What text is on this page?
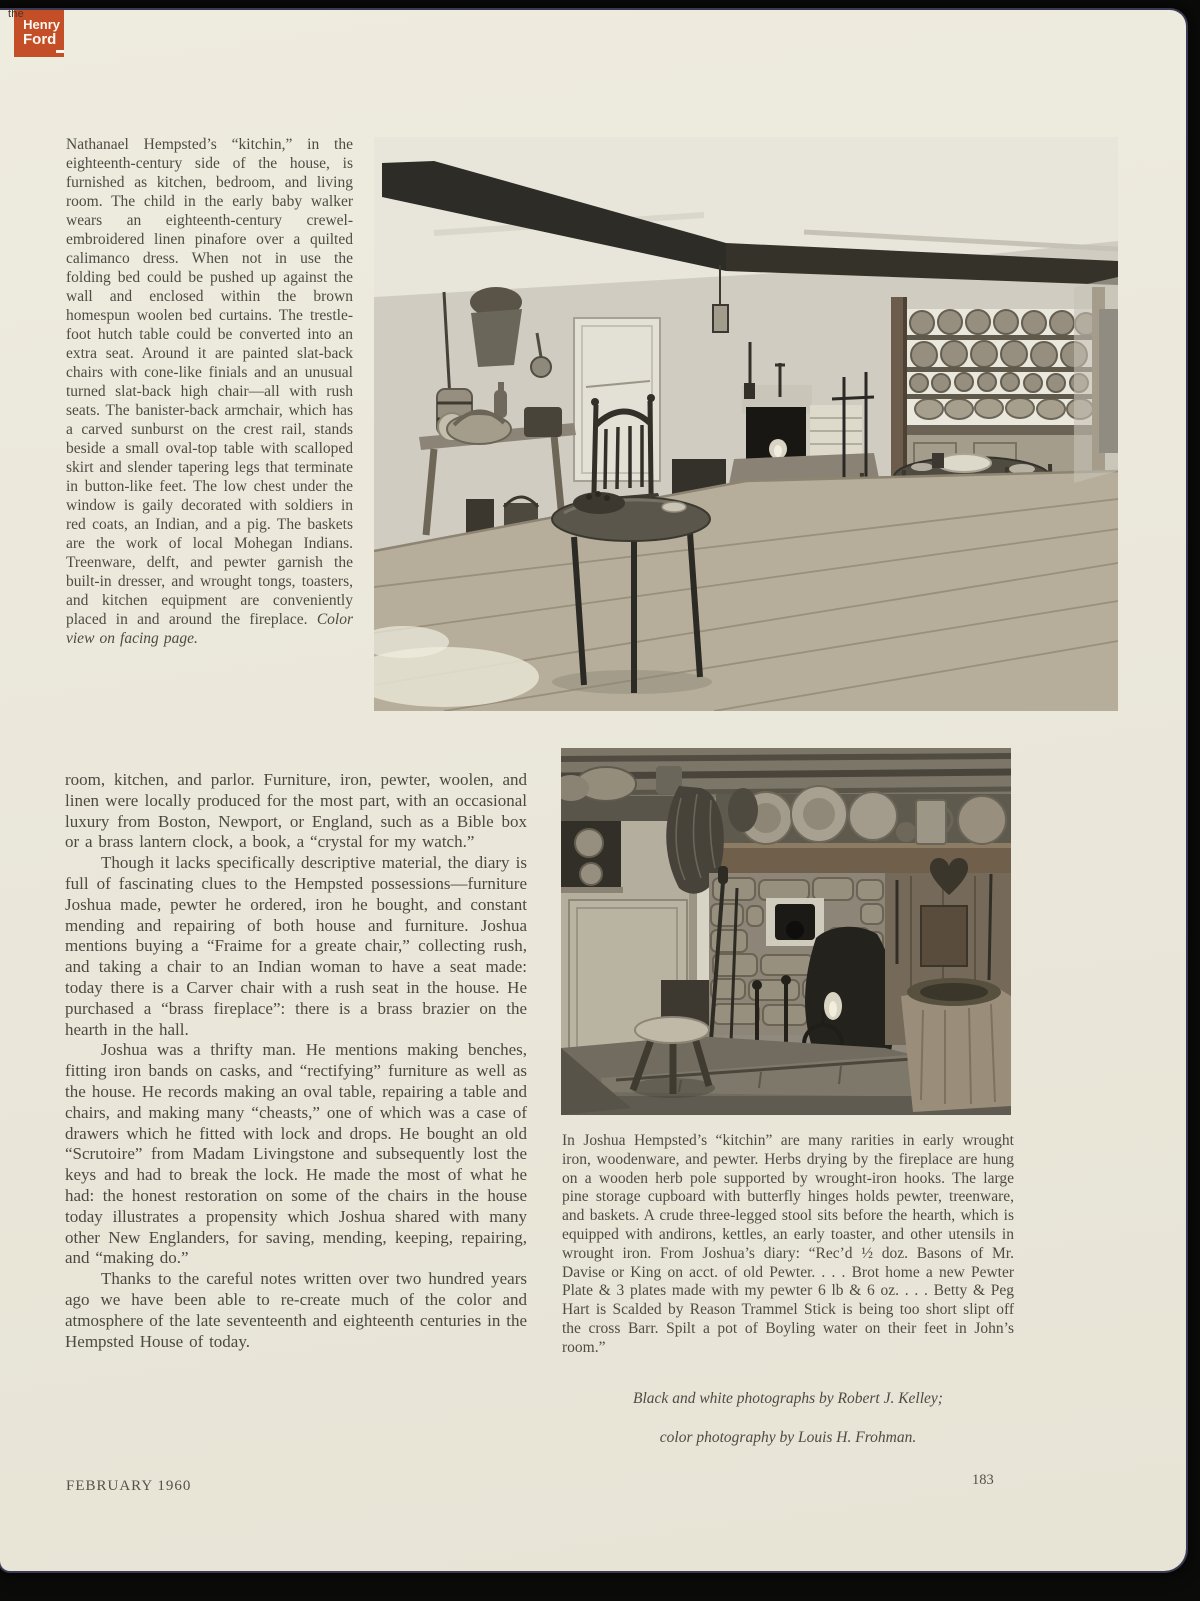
the
Henry
Ford
Nathanael Hempsted’s “kitchin,” in the eighteenth-century side of the house, is furnished as kitchen, bedroom, and living room. The child in the early baby walker wears an eighteenth-century crewel-embroidered linen pinafore over a quilted calimanco dress. When not in use the folding bed could be pushed up against the wall and enclosed within the brown homespun woolen bed curtains. The trestle-foot hutch table could be converted into an extra seat. Around it are painted slat-back chairs with cone-like finials and an unusual turned slat-back high chair—all with rush seats. The banister-back armchair, which has a carved sunburst on the crest rail, stands beside a small oval-top table with scalloped skirt and slender tapering legs that terminate in button-like feet. The low chest under the window is gaily decorated with soldiers in red coats, an Indian, and a pig. The baskets are the work of local Mohegan Indians. Treenware, delft, and pewter garnish the built-in dresser, and wrought tongs, toasters, and kitchen equipment are conveniently placed in and around the fireplace. Color view on facing page.

room, kitchen, and parlor. Furniture, iron, pewter, woolen, and linen were locally produced for the most part, with an occasional luxury from Boston, Newport, or England, such as a Bible box or a brass lantern clock, a book, a “crystal for my watch.”

Though it lacks specifically descriptive material, the diary is full of fascinating clues to the Hempsted possessions—furniture Joshua made, pewter he ordered, iron he bought, and constant mending and repairing of both house and furniture. Joshua mentions buying a “Fraime for a greate chair,” collecting rush, and taking a chair to an Indian woman to have a seat made: today there is a Carver chair with a rush seat in the house. He purchased a “brass fireplace”: there is a brass brazier on the hearth in the hall.

Joshua was a thrifty man. He mentions making benches, fitting iron bands on casks, and “rectifying” furniture as well as the house. He records making an oval table, repairing a table and chairs, and making many “cheasts,” one of which was a case of drawers which he fitted with lock and drops. He bought an old “Scrutoire” from Madam Livingstone and subsequently lost the keys and had to break the lock. He made the most of what he had: the honest restoration on some of the chairs in the house today illustrates a propensity which Joshua shared with many other New Englanders, for saving, mending, keeping, repairing, and “making do.”

Thanks to the careful notes written over two hundred years ago we have been able to re-create much of the color and atmosphere of the late seventeenth and eighteenth centuries in the Hempsted House of today.

In Joshua Hempsted’s “kitchin” are many rarities in early wrought iron, woodenware, and pewter. Herbs drying by the fireplace are hung on a wooden herb pole supported by wrought-iron hooks. The large pine storage cupboard with butterfly hinges holds pewter, treenware, and baskets. A crude three-legged stool sits before the hearth, which is equipped with andirons, kettles, an early toaster, and other utensils in wrought iron. From Joshua’s diary: “Rec’d ½ doz. Basons of Mr. Davise or King on acct. of old Pewter. . . . Brot home a new Pewter Plate & 3 plates made with my pewter 6 lb & 6 oz. . . . Betty & Peg Hart is Scalded by Reason Trammel Stick is being too short slipt off the cross Barr. Spilt a pot of Boyling water on their feet in John’s room.”
Black and white photographs by Robert J. Kelley;
color photography by Louis H. Frohman.
FEBRUARY 1960	183
